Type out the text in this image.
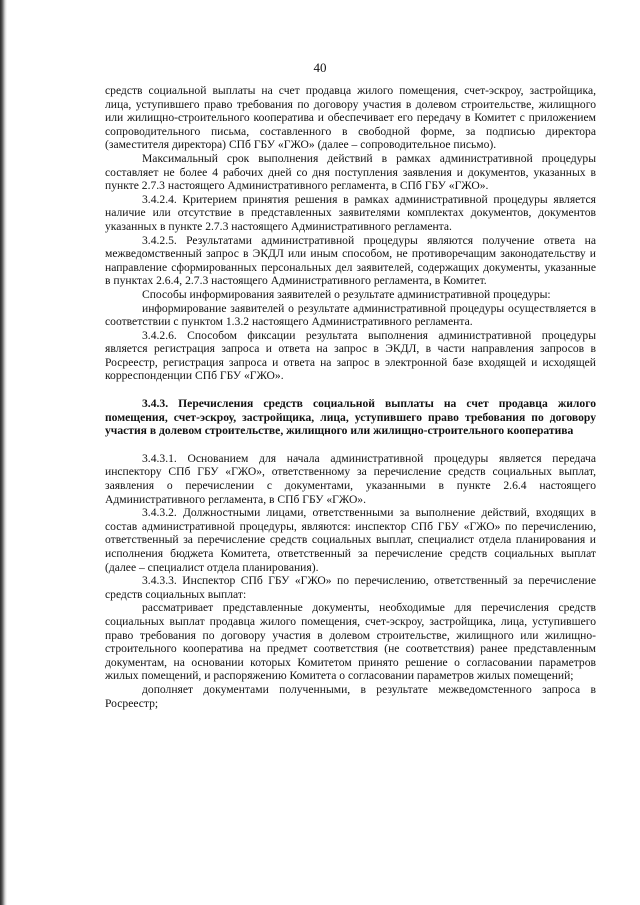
40

средств социальной выплаты на счет продавца жилого помещения, счет-эскроу, застройщика, лица, уступившего право требования по договору участия в долевом строительстве, жилищного или жилищно-строительного кооператива и обеспечивает его передачу в Комитет с приложением сопроводительного письма, составленного в свободной форме, за подписью директора (заместителя директора) СПб ГБУ «ГЖО» (далее – сопроводительное письмо).

Максимальный срок выполнения действий в рамках административной процедуры составляет не более 4 рабочих дней со дня поступления заявления и документов, указанных в пункте 2.7.3 настоящего Административного регламента, в СПб ГБУ «ГЖО».

3.4.2.4. Критерием принятия решения в рамках административной процедуры является наличие или отсутствие в представленных заявителями комплектах документов, документов указанных в пункте 2.7.3 настоящего Административного регламента.

3.4.2.5. Результатами административной процедуры являются получение ответа на межведомственный запрос в ЭКДЛ или иным способом, не противоречащим законодательству и направление сформированных персональных дел заявителей, содержащих документы, указанные в пунктах 2.6.4, 2.7.3 настоящего Административного регламента, в Комитет.

Способы информирования заявителей о результате административной процедуры:

информирование заявителей о результате административной процедуры осуществляется в соответствии с пунктом 1.3.2 настоящего Административного регламента.

3.4.2.6. Способом фиксации результата выполнения административной процедуры является регистрация запроса и ответа на запрос в ЭКДЛ, в части направления запросов в Росреестр, регистрация запроса и ответа на запрос в электронной базе входящей и исходящей корреспонденции СПб ГБУ «ГЖО».

3.4.3. Перечисления средств социальной выплаты на счет продавца жилого помещения, счет-эскроу, застройщика, лица, уступившего право требования по договору участия в долевом строительстве, жилищного или жилищно-строительного кооператива

3.4.3.1. Основанием для начала административной процедуры является передача инспектору СПб ГБУ «ГЖО», ответственному за перечисление средств социальных выплат, заявления о перечислении с документами, указанными в пункте 2.6.4 настоящего Административного регламента, в СПб ГБУ «ГЖО».

3.4.3.2. Должностными лицами, ответственными за выполнение действий, входящих в состав административной процедуры, являются: инспектор СПб ГБУ «ГЖО» по перечислению, ответственный за перечисление средств социальных выплат, специалист отдела планирования и исполнения бюджета Комитета, ответственный за перечисление средств социальных выплат (далее – специалист отдела планирования).

3.4.3.3. Инспектор СПб ГБУ «ГЖО» по перечислению, ответственный за перечисление средств социальных выплат:

рассматривает представленные документы, необходимые для перечисления средств социальных выплат продавца жилого помещения, счет-эскроу, застройщика, лица, уступившего право требования по договору участия в долевом строительстве, жилищного или жилищно-строительного кооператива на предмет соответствия (не соответствия) ранее представленным документам, на основании которых Комитетом принято решение о согласовании параметров жилых помещений, и распоряжению Комитета о согласовании параметров жилых помещений;

дополняет документами полученными, в результате межведомстенного запроса в Росреестр;
